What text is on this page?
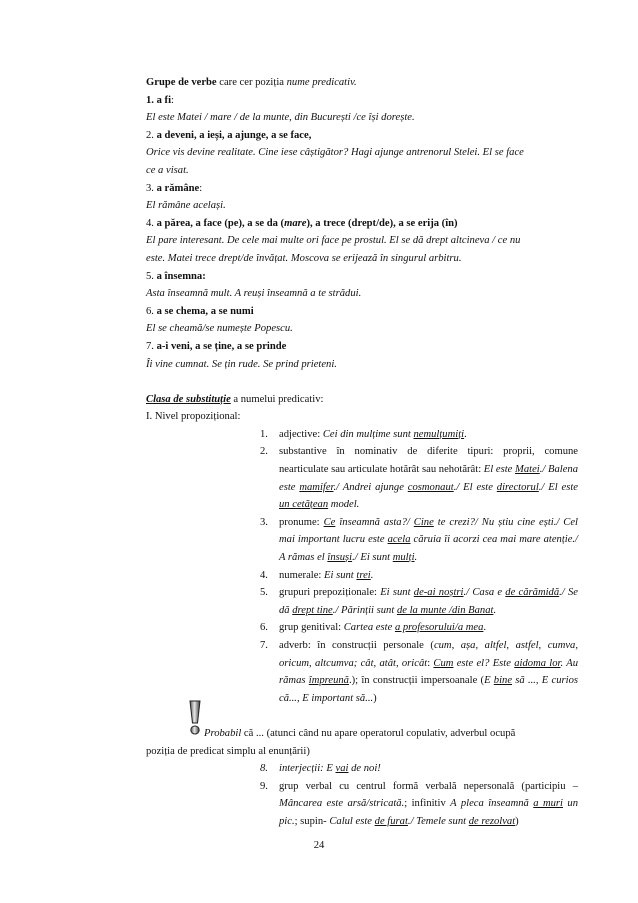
Grupe de verbe care cer poziția nume predicativ.
1. a fi:
El este Matei / mare / de la munte, din București /ce își dorește.
2. a deveni, a ieși, a ajunge, a se face,
Orice vis devine realitate. Cine iese câștigător? Hagi ajunge antrenorul Stelei. El se face
ce a visat.
3. a rămâne:
El rămâne același.
4. a părea, a face (pe), a se da (mare), a trece (drept/de), a se erija (în)
El pare interesant. De cele mai multe ori face pe prostul. El se dă drept altcineva / ce nu
este. Matei trece drept/de învățat. Moscova se erijează în singurul arbitru.
5. a însemna:
Asta înseamnă mult. A reuși înseamnă a te strădui.
6. a se chema, a se numi
El se cheamă/se numește Popescu.
7. a-i veni, a se ține, a se prinde
Îi vine cumnat. Se țin rude. Se prind prieteni.
Clasa de substituție a numelui predicativ:
I. Nivel propozițional:
1. adjective: Cei din mulțime sunt nemulțumiți.
2. substantive în nominativ de diferite tipuri: proprii, comune nearticulate sau articulate hotărât sau nehotărât: El este Matei./ Balena este mamifer./ Andrei ajunge cosmonaut./ El este directorul./ El este un cetățean model.
3. pronume: Ce înseamnă asta?/ Cine te crezi?/ Nu știu cine ești./ Cel mai important lucru este acela căruia îi acorzi cea mai mare atenție./ A rămas el însuși./ Ei sunt mulți.
4. numerale: Ei sunt trei.
5. grupuri prepoziționale: Ei sunt de-ai noștri./ Casa e de cărămidă./ Se dă drept tine./ Părinții sunt de la munte /din Banat.
6. grup genitival: Cartea este a profesorului/a mea.
7. adverb: în construcții personale (cum, așa, altfel, astfel, cumva, oricum, altcumva; cât, atât, oricât: Cum este el? Este aidoma lor. Au rămas împreună.); în construcții impersoanale (E bine să ..., E curios că..., E important să...)
Probabil că ... (atunci când nu apare operatorul copulativ, adverbul ocupă
poziția de predicat simplu al enunțării)
8. interjecții: E vai de noi!
9. grup verbal cu centrul formă verbală nepersonală (participiu – Mâncarea este arsă/stricată.; infinitiv A pleca înseamnă a muri un pic.; supin- Calul este de furat./ Temele sunt de rezolvat)
24
